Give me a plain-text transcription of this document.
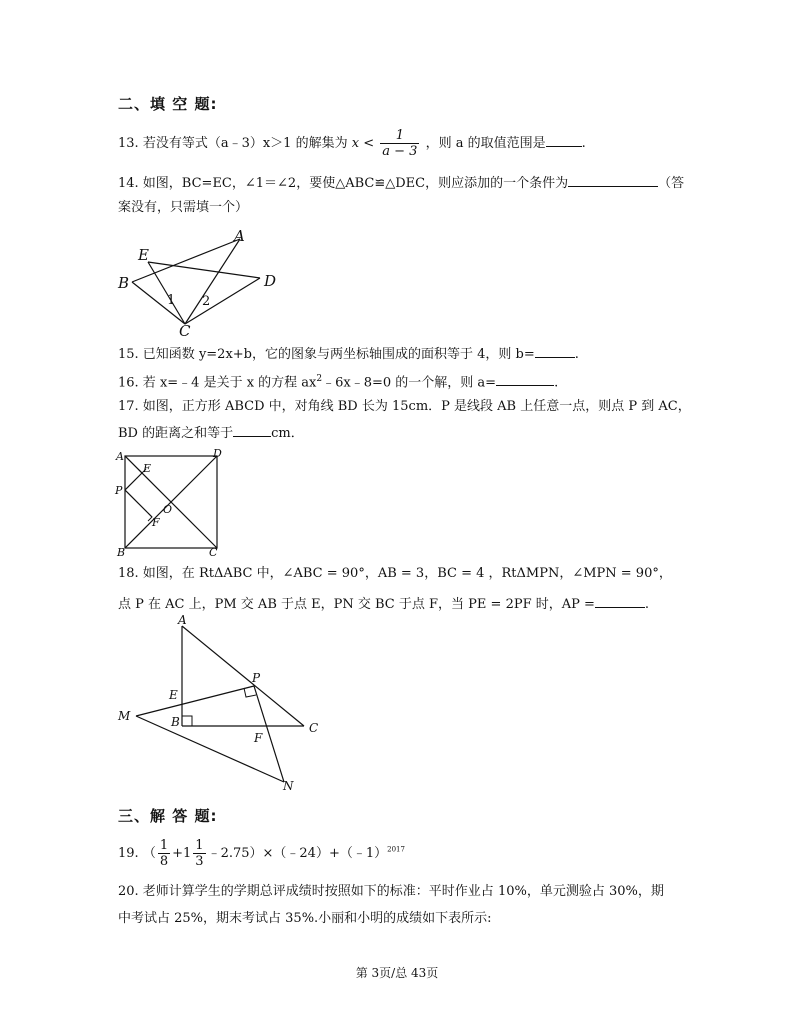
二、填 空 题:
13. 若没有等式（a﹣3）x＞1 的解集为 $x < \frac{1}{a - 3}$ ，则 a 的取值范围是	.
14. 如图，BC=EC，∠1＝∠2，要使△ABC≌△DEC，则应添加的一个条件为	（答
案没有，只需填一个）
A
E
B	D
C
1 2
15. 已知函数 y=2x+b，它的图象与两坐标轴围成的面积等于 4，则 b=	.
16. 若 x=﹣4 是关于 x 的方程 $ax^2﹣6x﹣8=0$ 的一个解，则 a=	.
17. 如图，正方形 ABCD 中，对角线 BD 长为 15cm．P 是线段 AB 上任意一点，则点 P 到 AC，
BD 的距离之和等于	cm．
A	D
E
P
O
F
B	C
18. 如图，在 RtΔABC 中，∠ABC = 90°，AB = 3，BC = 4 ，RtΔMPN，∠MPN = 90°，
点 P 在 AC 上，PM 交 AB 于点 E，PN 交 BC 于点 F，当 PE = 2PF 时，AP =	.
A
P
E
M	B	C
F
N
三、解 答 题:
19. （ $\frac{1}{8} +1 \frac{1}{3}$ ﹣2.75）×（﹣24）+（﹣1）$^{2017}$
20. 老师计算学生的学期总评成绩时按照如下的标准：平时作业占 10%，单元测验占 30%，期
中考试占 25%，期末考试占 35%.小丽和小明的成绩如下表所示:
第 3页/总 43页
